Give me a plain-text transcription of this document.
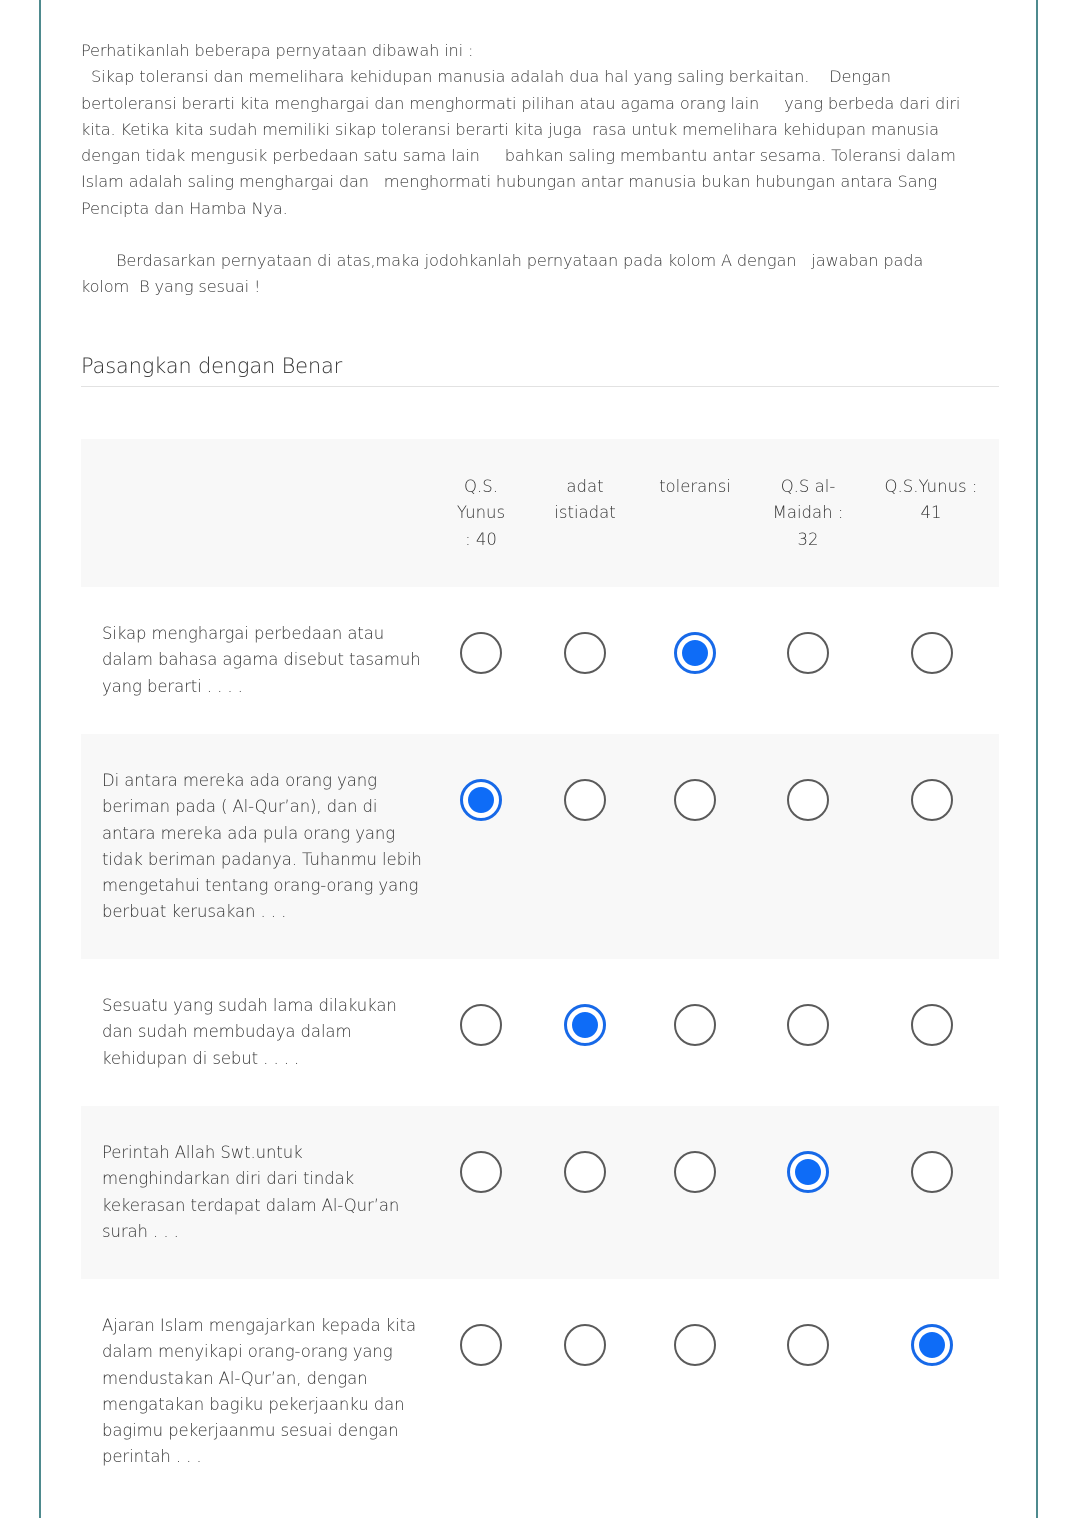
Perhatikanlah beberapa pernyataan dibawah ini :

Sikap toleransi dan memelihara kehidupan manusia adalah dua hal yang saling berkaitan.    Dengan

bertoleransi berarti kita menghargai dan menghormati pilihan atau agama orang lain     yang berbeda dari diri

kita. Ketika kita sudah memiliki sikap toleransi berarti kita juga  rasa untuk memelihara kehidupan manusia

dengan tidak mengusik perbedaan satu sama lain     bahkan saling membantu antar sesama. Toleransi dalam

Islam adalah saling menghargai dan   menghormati hubungan antar manusia bukan hubungan antara Sang

Pencipta dan Hamba Nya.

Berdasarkan pernyataan di atas,maka jodohkanlah pernyataan pada kolom A dengan   jawaban pada

kolom  B yang sesuai !

Pasangkan dengan Benar
Q.S. Yunus : 40
adat istiadat
toleransi	Q.S al-Maidah : 32
Q.S.Yunus : 41
Sikap menghargai perbedaan atau dalam bahasa agama disebut tasamuh yang berarti . . . .
Di antara mereka ada orang yang beriman pada ( Al-Qur’an), dan di antara mereka ada pula orang yang tidak beriman padanya. Tuhanmu lebih mengetahui tentang orang-orang yang berbuat kerusakan . . .
Sesuatu yang sudah lama dilakukan dan sudah membudaya dalam kehidupan di sebut . . . .
Perintah Allah Swt.untuk menghindarkan diri dari tindak kekerasan terdapat dalam Al-Qur’an surah . . .
Ajaran Islam mengajarkan kepada kita dalam menyikapi orang-orang yang mendustakan Al-Qur’an, dengan mengatakan bagiku pekerjaanku dan bagimu pekerjaanmu sesuai dengan perintah . . .
